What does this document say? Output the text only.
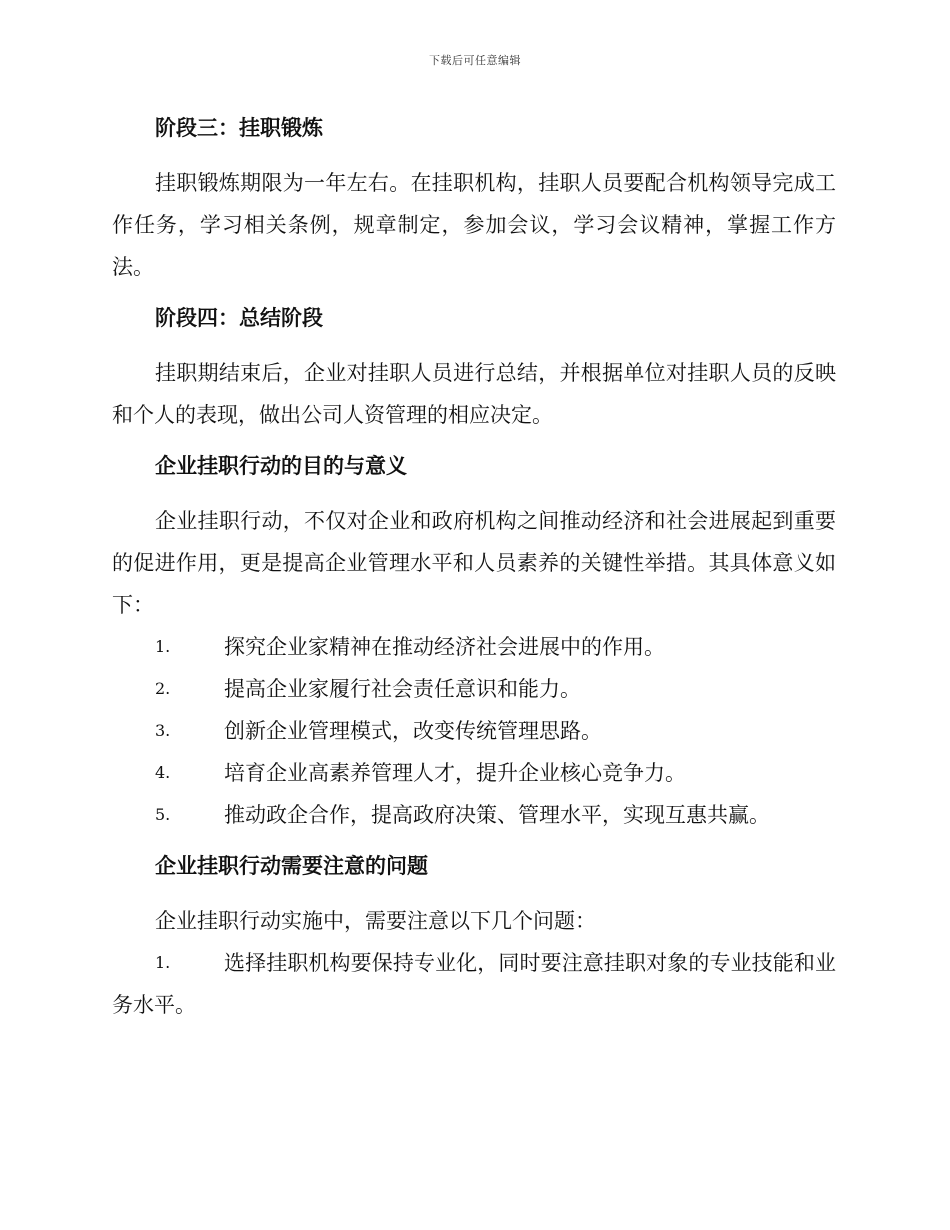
下载后可任意编辑

阶段三：挂职锻炼

挂职锻炼期限为一年左右。在挂职机构，挂职人员要配合机构领导完成工作任务，学习相关条例，规章制定，参加会议，学习会议精神，掌握工作方法。

阶段四：总结阶段

挂职期结束后，企业对挂职人员进行总结，并根据单位对挂职人员的反映和个人的表现，做出公司人资管理的相应决定。

企业挂职行动的目的与意义

企业挂职行动，不仅对企业和政府机构之间推动经济和社会进展起到重要的促进作用，更是提高企业管理水平和人员素养的关键性举措。其具体意义如下：

1.	探究企业家精神在推动经济社会进展中的作用。
2.	提高企业家履行社会责任意识和能力。
3.	创新企业管理模式，改变传统管理思路。
4.	培育企业高素养管理人才，提升企业核心竞争力。
5.	推动政企合作，提高政府决策、管理水平，实现互惠共赢。

企业挂职行动需要注意的问题

企业挂职行动实施中，需要注意以下几个问题：

1.	选择挂职机构要保持专业化，同时要注意挂职对象的专业技能和业务水平。
